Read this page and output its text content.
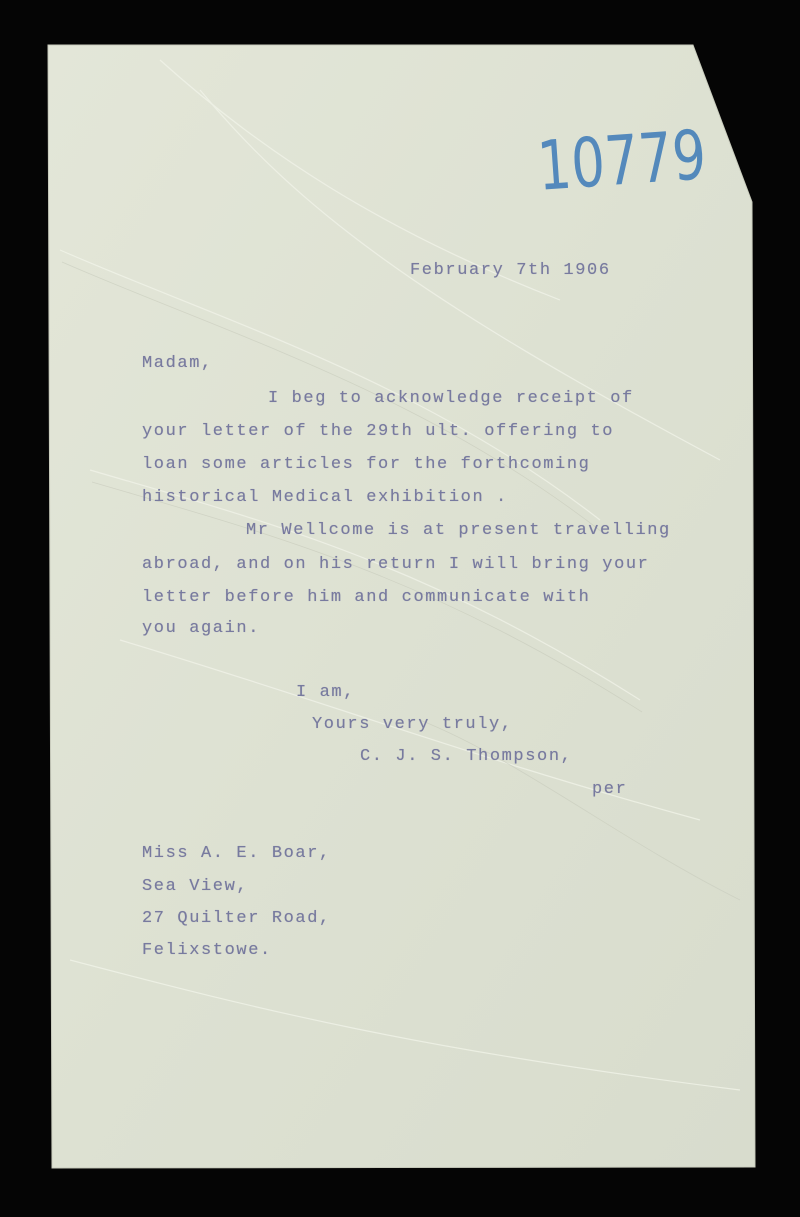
10779
February 7th 1906
Madam,
I beg to acknowledge receipt of
your letter of the 29th ult. offering to
loan some articles for the forthcoming
historical Medical exhibition .
Mr Wellcome is at present travelling
abroad, and on his return I will bring your
letter before him and communicate with
you again.
I am,
Yours very truly,
C. J. S. Thompson,
per
Miss A. E. Boar,
Sea View,
27 Quilter Road,
Felixstowe.
